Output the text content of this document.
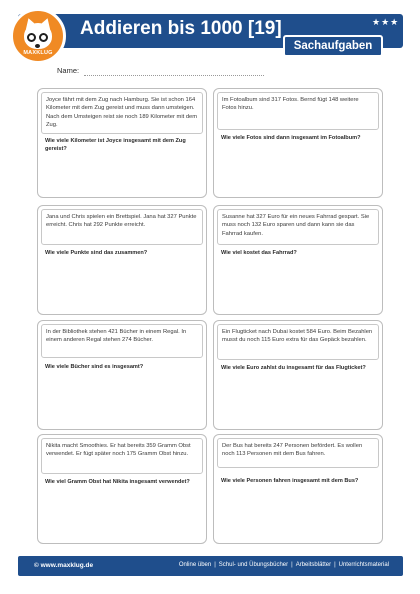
MAXKLUG
Addieren bis 1000 [19]	★★★
Sachaufgaben
Name:
Joyce fährt mit dem Zug nach Hamburg. Sie ist schon 164 Kilometer mit dem Zug gereist und muss dann umsteigen. Nach dem Umsteigen reist sie noch 189 Kilometer mit dem Zug.
Wie viele Kilometer ist Joyce insgesamt mit dem Zug gereist?
Im Fotoalbum sind 317 Fotos. Bernd fügt 148 weitere Fotos hinzu.
Wie viele Fotos sind dann insgesamt im Fotoalbum?
Jana und Chris spielen ein Brettspiel. Jana hat 327 Punkte erreicht. Chris hat 292 Punkte erreicht.
Wie viele Punkte sind das zusammen?
Susanne hat 327 Euro für ein neues Fahrrad gespart. Sie muss noch 132 Euro sparen und dann kann sie das Fahrrad kaufen.
Wie viel kostet das Fahrrad?
In der Bibliothek stehen 421 Bücher in einem Regal. In einem anderen Regal stehen 274 Bücher.
Wie viele Bücher sind es insgesamt?
Ein Flugticket nach Dubai kostet 584 Euro. Beim Bezahlen musst du noch 115 Euro extra für das Gepäck bezahlen.
Wie viele Euro zahlst du insgesamt für das Flugticket?
Nikita macht Smoothies. Er hat bereits 359 Gramm Obst verwendet. Er fügt später noch 175 Gramm Obst hinzu.
Wie viel Gramm Obst hat Nikita insgesamt verwendet?
Der Bus hat bereits 247 Personen befördert. Es wollen noch 113 Personen mit dem Bus fahren.
Wie viele Personen fahren insgesamt mit dem Bus?
© www.maxklug.de	Online üben | Schul- und Übungsbücher | Arbeitsblätter | Unterrichtsmaterial
